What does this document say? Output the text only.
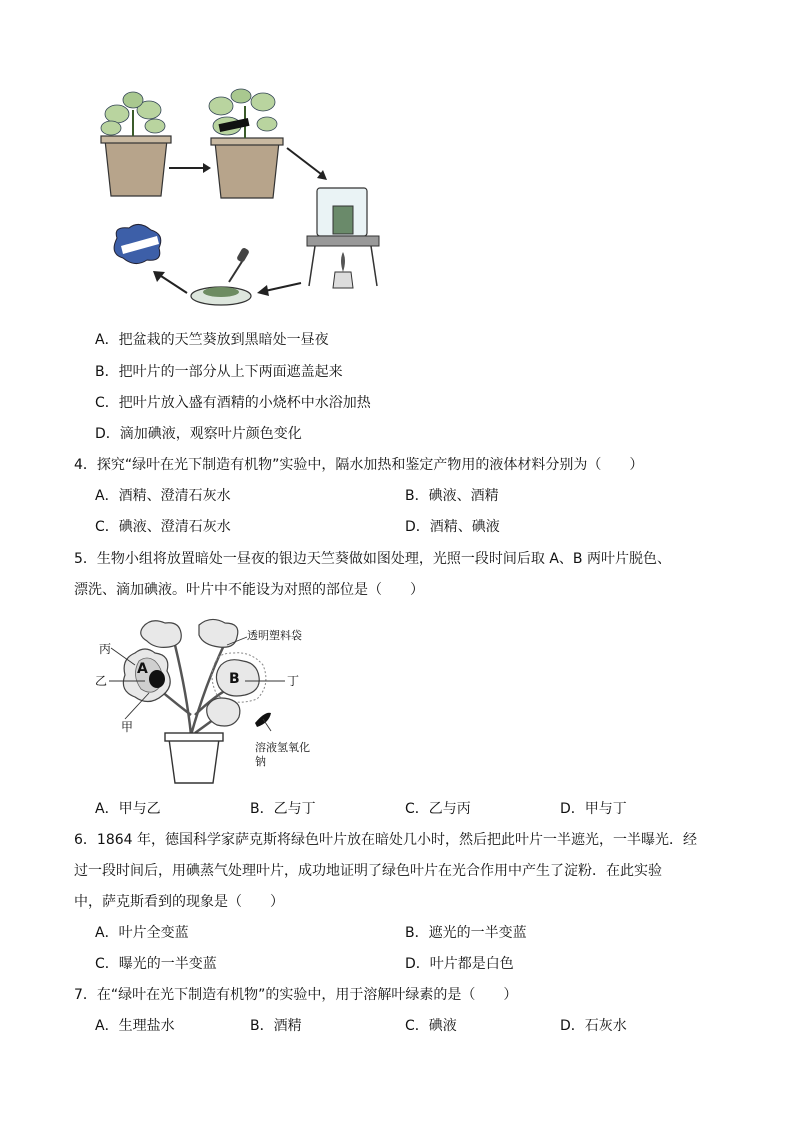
A．把盆栽的天竺葵放到黑暗处一昼夜
B．把叶片的一部分从上下两面遮盖起来
C．把叶片放入盛有酒精的小烧杯中水浴加热
D．滴加碘液，观察叶片颜色变化
4．探究“绿叶在光下制造有机物”实验中，隔水加热和鉴定产物用的液体材料分别为（　　）
A．酒精、澄清石灰水	B．碘液、酒精
C．碘液、澄清石灰水	D．酒精、碘液
5．生物小组将放置暗处一昼夜的银边天竺葵做如图处理，光照一段时间后取 A、B 两叶片脱色、
漂洗、滴加碘液。叶片中不能设为对照的部位是（　　）
A
B
丙
乙
甲
丁
透明塑料袋
溶液氢氧化
钠
A．甲与乙	B．乙与丁	C．乙与丙	D．甲与丁
6．1864 年，德国科学家萨克斯将绿色叶片放在暗处几小时，然后把此叶片一半遮光，一半曝光．经
过一段时间后，用碘蒸气处理叶片，成功地证明了绿色叶片在光合作用中产生了淀粉．在此实验
中，萨克斯看到的现象是（　　）
A．叶片全变蓝	B．遮光的一半变蓝
C．曝光的一半变蓝	D．叶片都是白色
7．在“绿叶在光下制造有机物”的实验中，用于溶解叶绿素的是（　　）
A．生理盐水	B．酒精	C．碘液	D．石灰水
